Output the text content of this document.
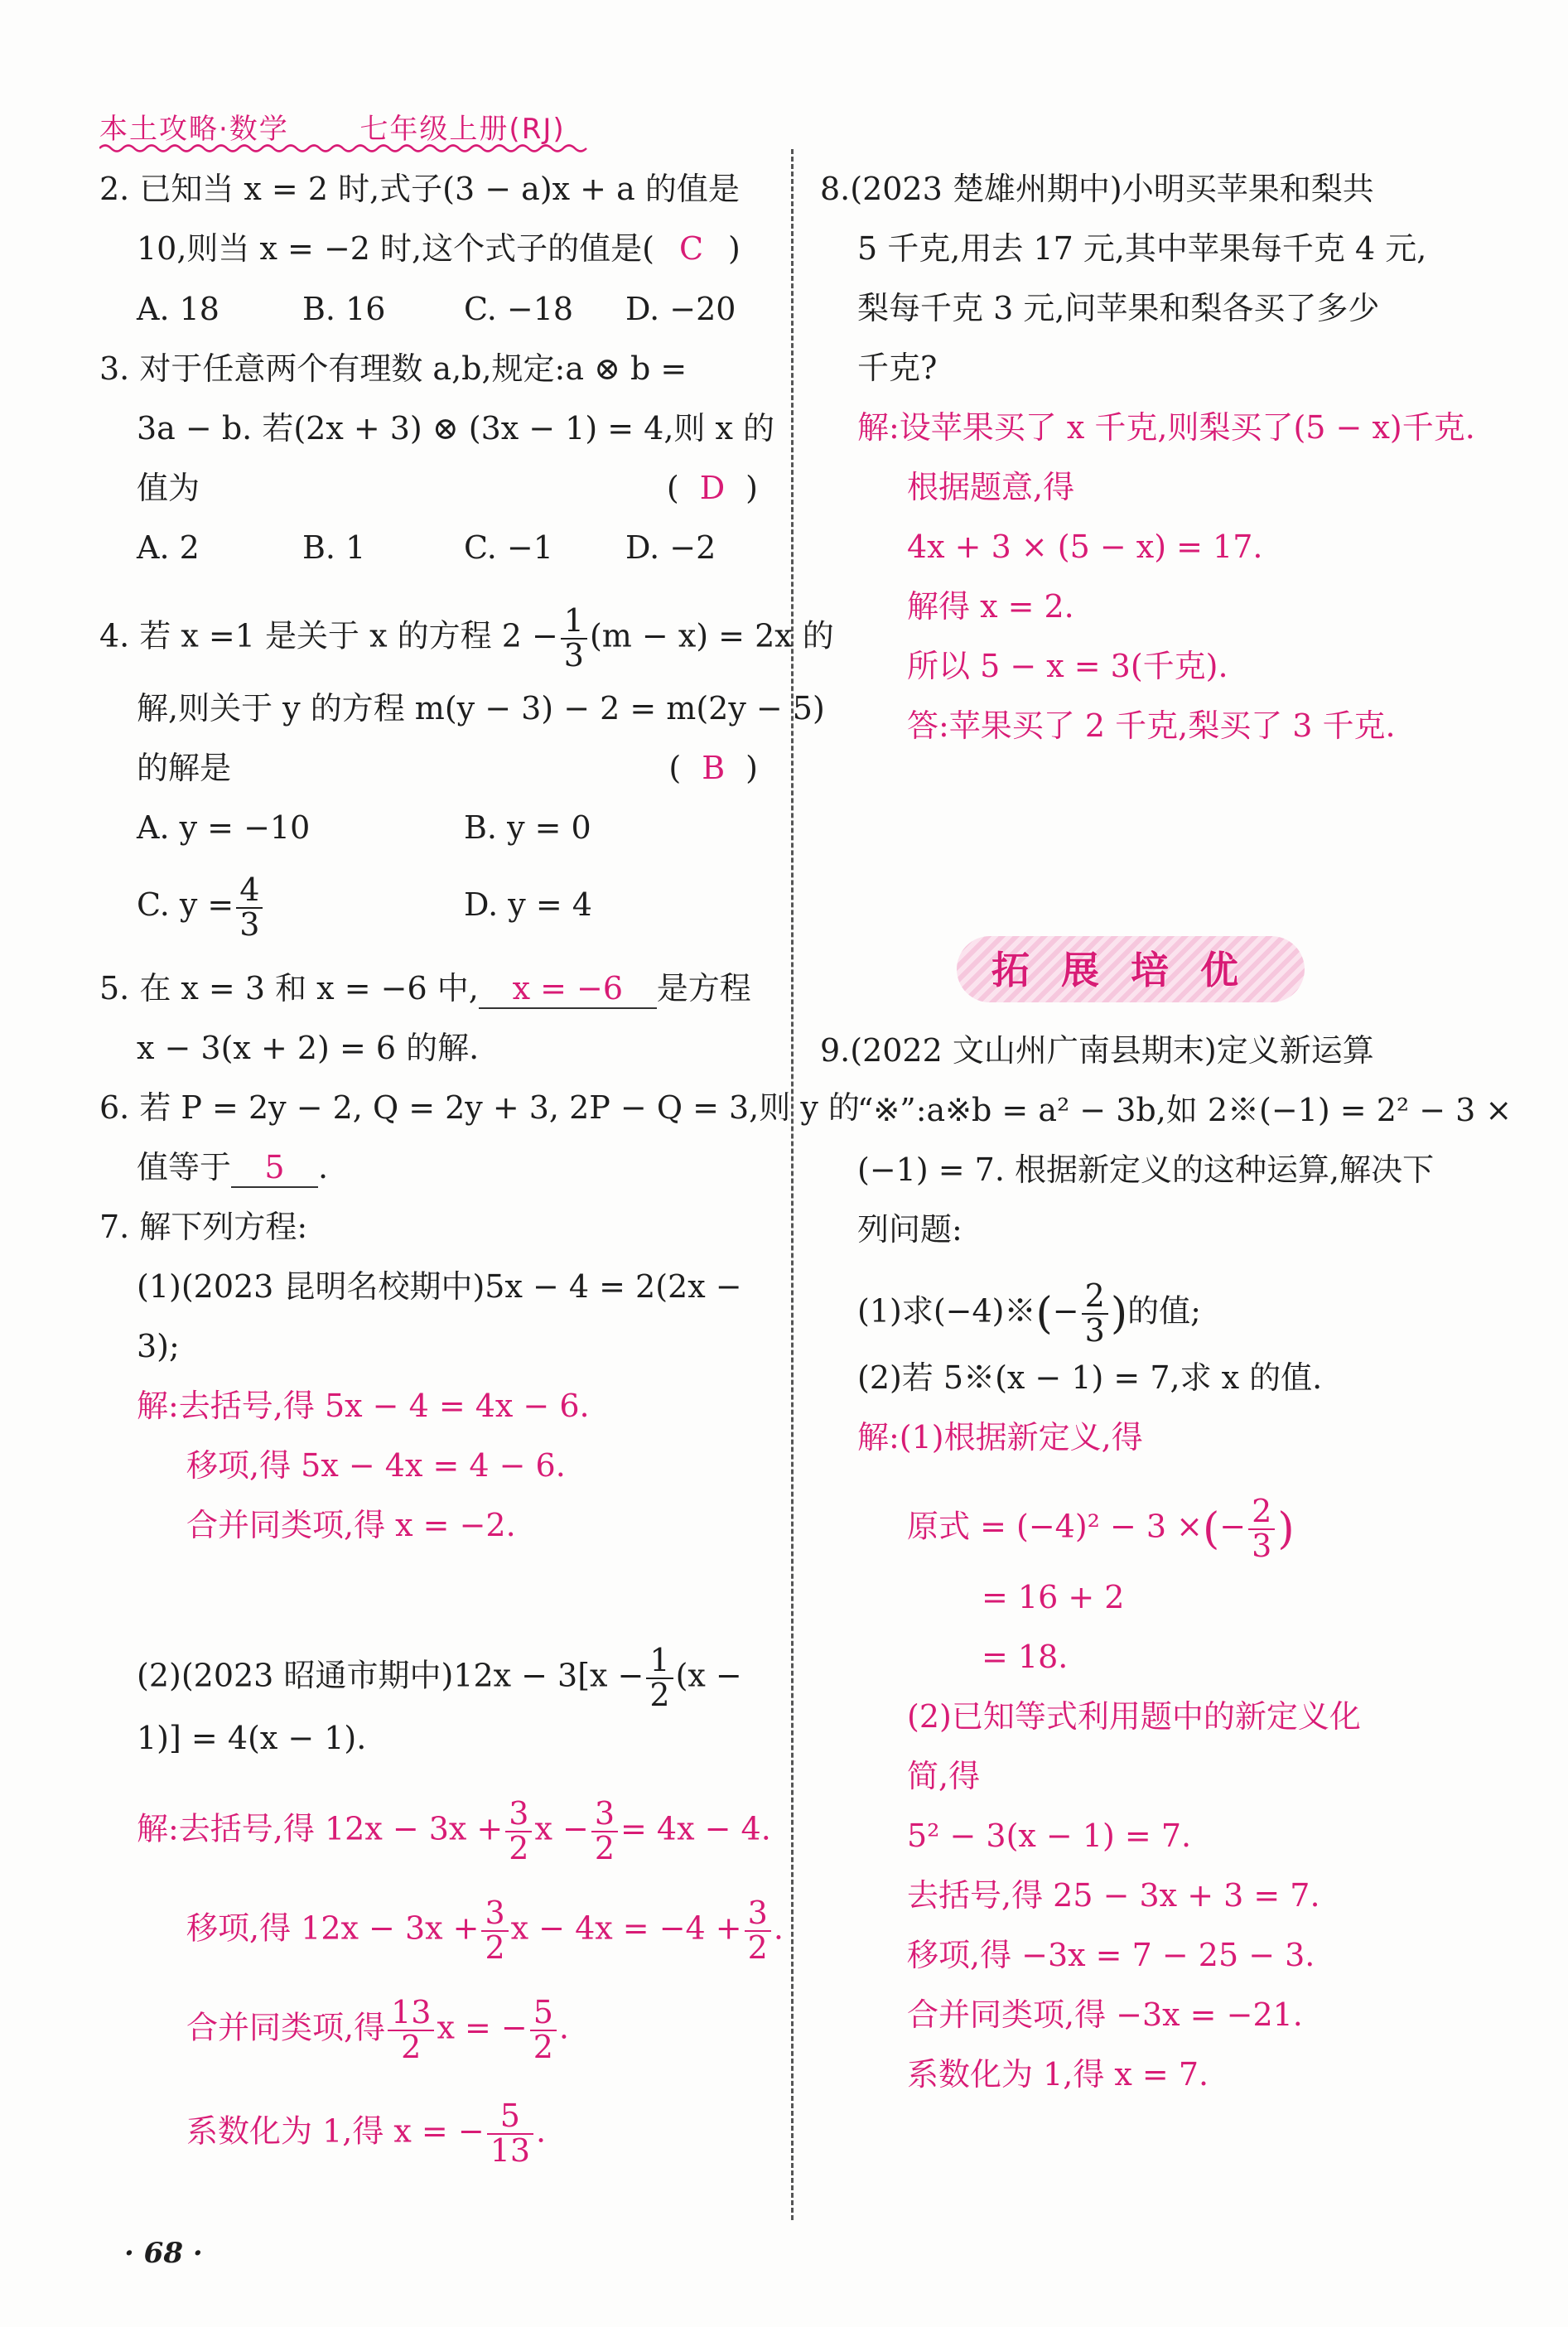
本土攻略·数学	七年级上册(RJ)
2. 已知当 x = 2 时,式子(3 − a)x + a 的值是
10,则当 x = −2 时,这个式子的值是( C )
A. 18	B. 16 C. −18 D. −20
3. 对于任意两个有理数 a,b,规定:a ⊗ b =
3a − b. 若(2x + 3) ⊗ (3x − 1) = 4,则 x 的
值为	( D )
A. 2	B. 1	C. −1 D. −2
4. 若 x =1 是关于 x 的方程 $2 - \frac{1}{3} (m - x) = 2x$ 的
解,则关于 y 的方程 m(y − 3) − 2 = m(2y − 5)
的解是	( B )
A. y = −10	B. y = 0
C. $y = \frac{4}{3}$	D. y = 4
5. 在 x = 3 和 x = −6 中, x = −6 是方程
x − 3(x + 2) = 6 的解.
6. 若 P = 2y − 2, Q = 2y + 3, 2P − Q = 3,则 y 的
值等于 5 .
7. 解下列方程:
(1)(2023 昆明名校期中)5x − 4 = 2(2x −
3);
解:去括号,得 5x − 4 = 4x − 6.
移项,得 5x − 4x = 4 − 6.
合并同类项,得 x = −2.
(2)(2023 昭通市期中)$12x - 3[x - \frac{1}{2} (x$ −
1)] = 4(x − 1).
解:去括号,得 $12x - 3x + \frac{3}{2}$ $x - \frac{3}{2} = 4x - 4$.
移项,得 $12x - 3x + \frac{3}{2}$ $x - 4x = -4 + \frac{3}{2}$ .
合并同类项,得 $\frac{13}{2}$ x = − $\frac{5}{2}$ .
系数化为 1,得 x = − $\frac{5}{13}$ .
8.(2023 楚雄州期中)小明买苹果和梨共
5 千克,用去 17 元,其中苹果每千克 4 元,
梨每千克 3 元,问苹果和梨各买了多少
千克?
解:设苹果买了 x 千克,则梨买了(5 − x)千克.
根据题意,得
4x + 3 × (5 − x) = 17.
解得 x = 2.
所以 5 − x = 3(千克).
答:苹果买了 2 千克,梨买了 3 千克.
拓展培优
9.(2022 文山州广南县期末)定义新运算
“※”:a※b = a² − 3b,如 2※(−1) = 2² − 3 ×
(−1) = 7. 根据新定义的这种运算,解决下
列问题:
(1)求(−4)※(− $\frac{2}{3}$ )的值;
(2)若 5※(x − 1) = 7,求 x 的值.
解:(1)根据新定义,得
原式 = (−4)² − 3 ×(− $\frac{2}{3}$ )
= 16 + 2
= 18.
(2)已知等式利用题中的新定义化
简,得
5² − 3(x − 1) = 7.
去括号,得 25 − 3x + 3 = 7.
移项,得 −3x = 7 − 25 − 3.
合并同类项,得 −3x = −21.
系数化为 1,得 x = 7.
· 68 ·
